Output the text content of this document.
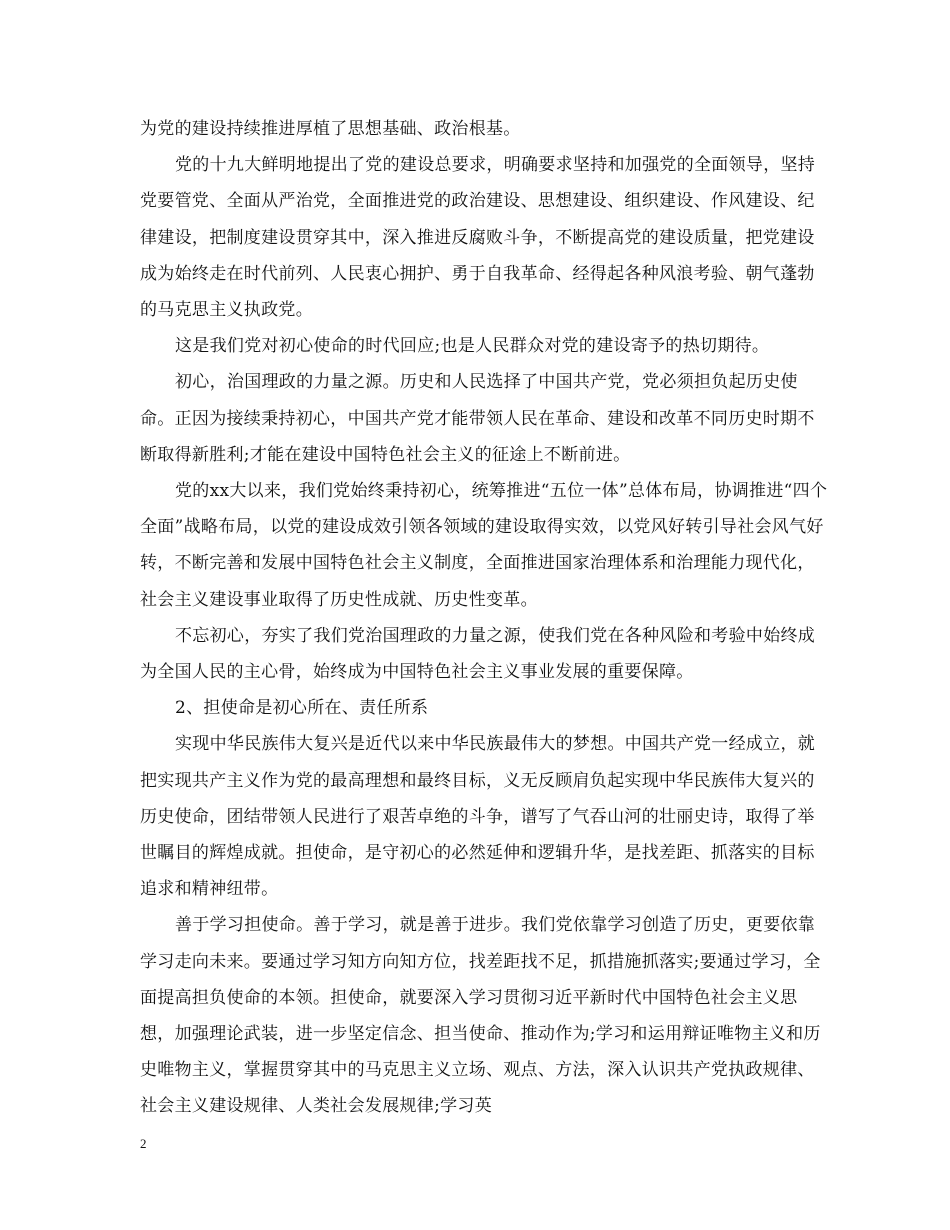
为党的建设持续推进厚植了思想基础、政治根基。

党的十九大鲜明地提出了党的建设总要求，明确要求坚持和加强党的全面领导，坚持党要管党、全面从严治党，全面推进党的政治建设、思想建设、组织建设、作风建设、纪律建设，把制度建设贯穿其中，深入推进反腐败斗争，不断提高党的建设质量，把党建设成为始终走在时代前列、人民衷心拥护、勇于自我革命、经得起各种风浪考验、朝气蓬勃的马克思主义执政党。

这是我们党对初心使命的时代回应;也是人民群众对党的建设寄予的热切期待。

初心，治国理政的力量之源。历史和人民选择了中国共产党，党必须担负起历史使命。正因为接续秉持初心，中国共产党才能带领人民在革命、建设和改革不同历史时期不断取得新胜利;才能在建设中国特色社会主义的征途上不断前进。

党的xx大以来，我们党始终秉持初心，统筹推进“五位一体”总体布局，协调推进“四个全面”战略布局，以党的建设成效引领各领域的建设取得实效，以党风好转引导社会风气好转，不断完善和发展中国特色社会主义制度，全面推进国家治理体系和治理能力现代化，社会主义建设事业取得了历史性成就、历史性变革。

不忘初心，夯实了我们党治国理政的力量之源，使我们党在各种风险和考验中始终成为全国人民的主心骨，始终成为中国特色社会主义事业发展的重要保障。

2、担使命是初心所在、责任所系

实现中华民族伟大复兴是近代以来中华民族最伟大的梦想。中国共产党一经成立，就把实现共产主义作为党的最高理想和最终目标，义无反顾肩负起实现中华民族伟大复兴的历史使命，团结带领人民进行了艰苦卓绝的斗争，谱写了气吞山河的壮丽史诗，取得了举世瞩目的辉煌成就。担使命，是守初心的必然延伸和逻辑升华，是找差距、抓落实的目标追求和精神纽带。

善于学习担使命。善于学习，就是善于进步。我们党依靠学习创造了历史，更要依靠学习走向未来。要通过学习知方向知方位，找差距找不足，抓措施抓落实;要通过学习，全面提高担负使命的本领。担使命，就要深入学习贯彻习近平新时代中国特色社会主义思想，加强理论武装，进一步坚定信念、担当使命、推动作为;学习和运用辩证唯物主义和历史唯物主义，掌握贯穿其中的马克思主义立场、观点、方法，深入认识共产党执政规律、社会主义建设规律、人类社会发展规律;学习英

2
